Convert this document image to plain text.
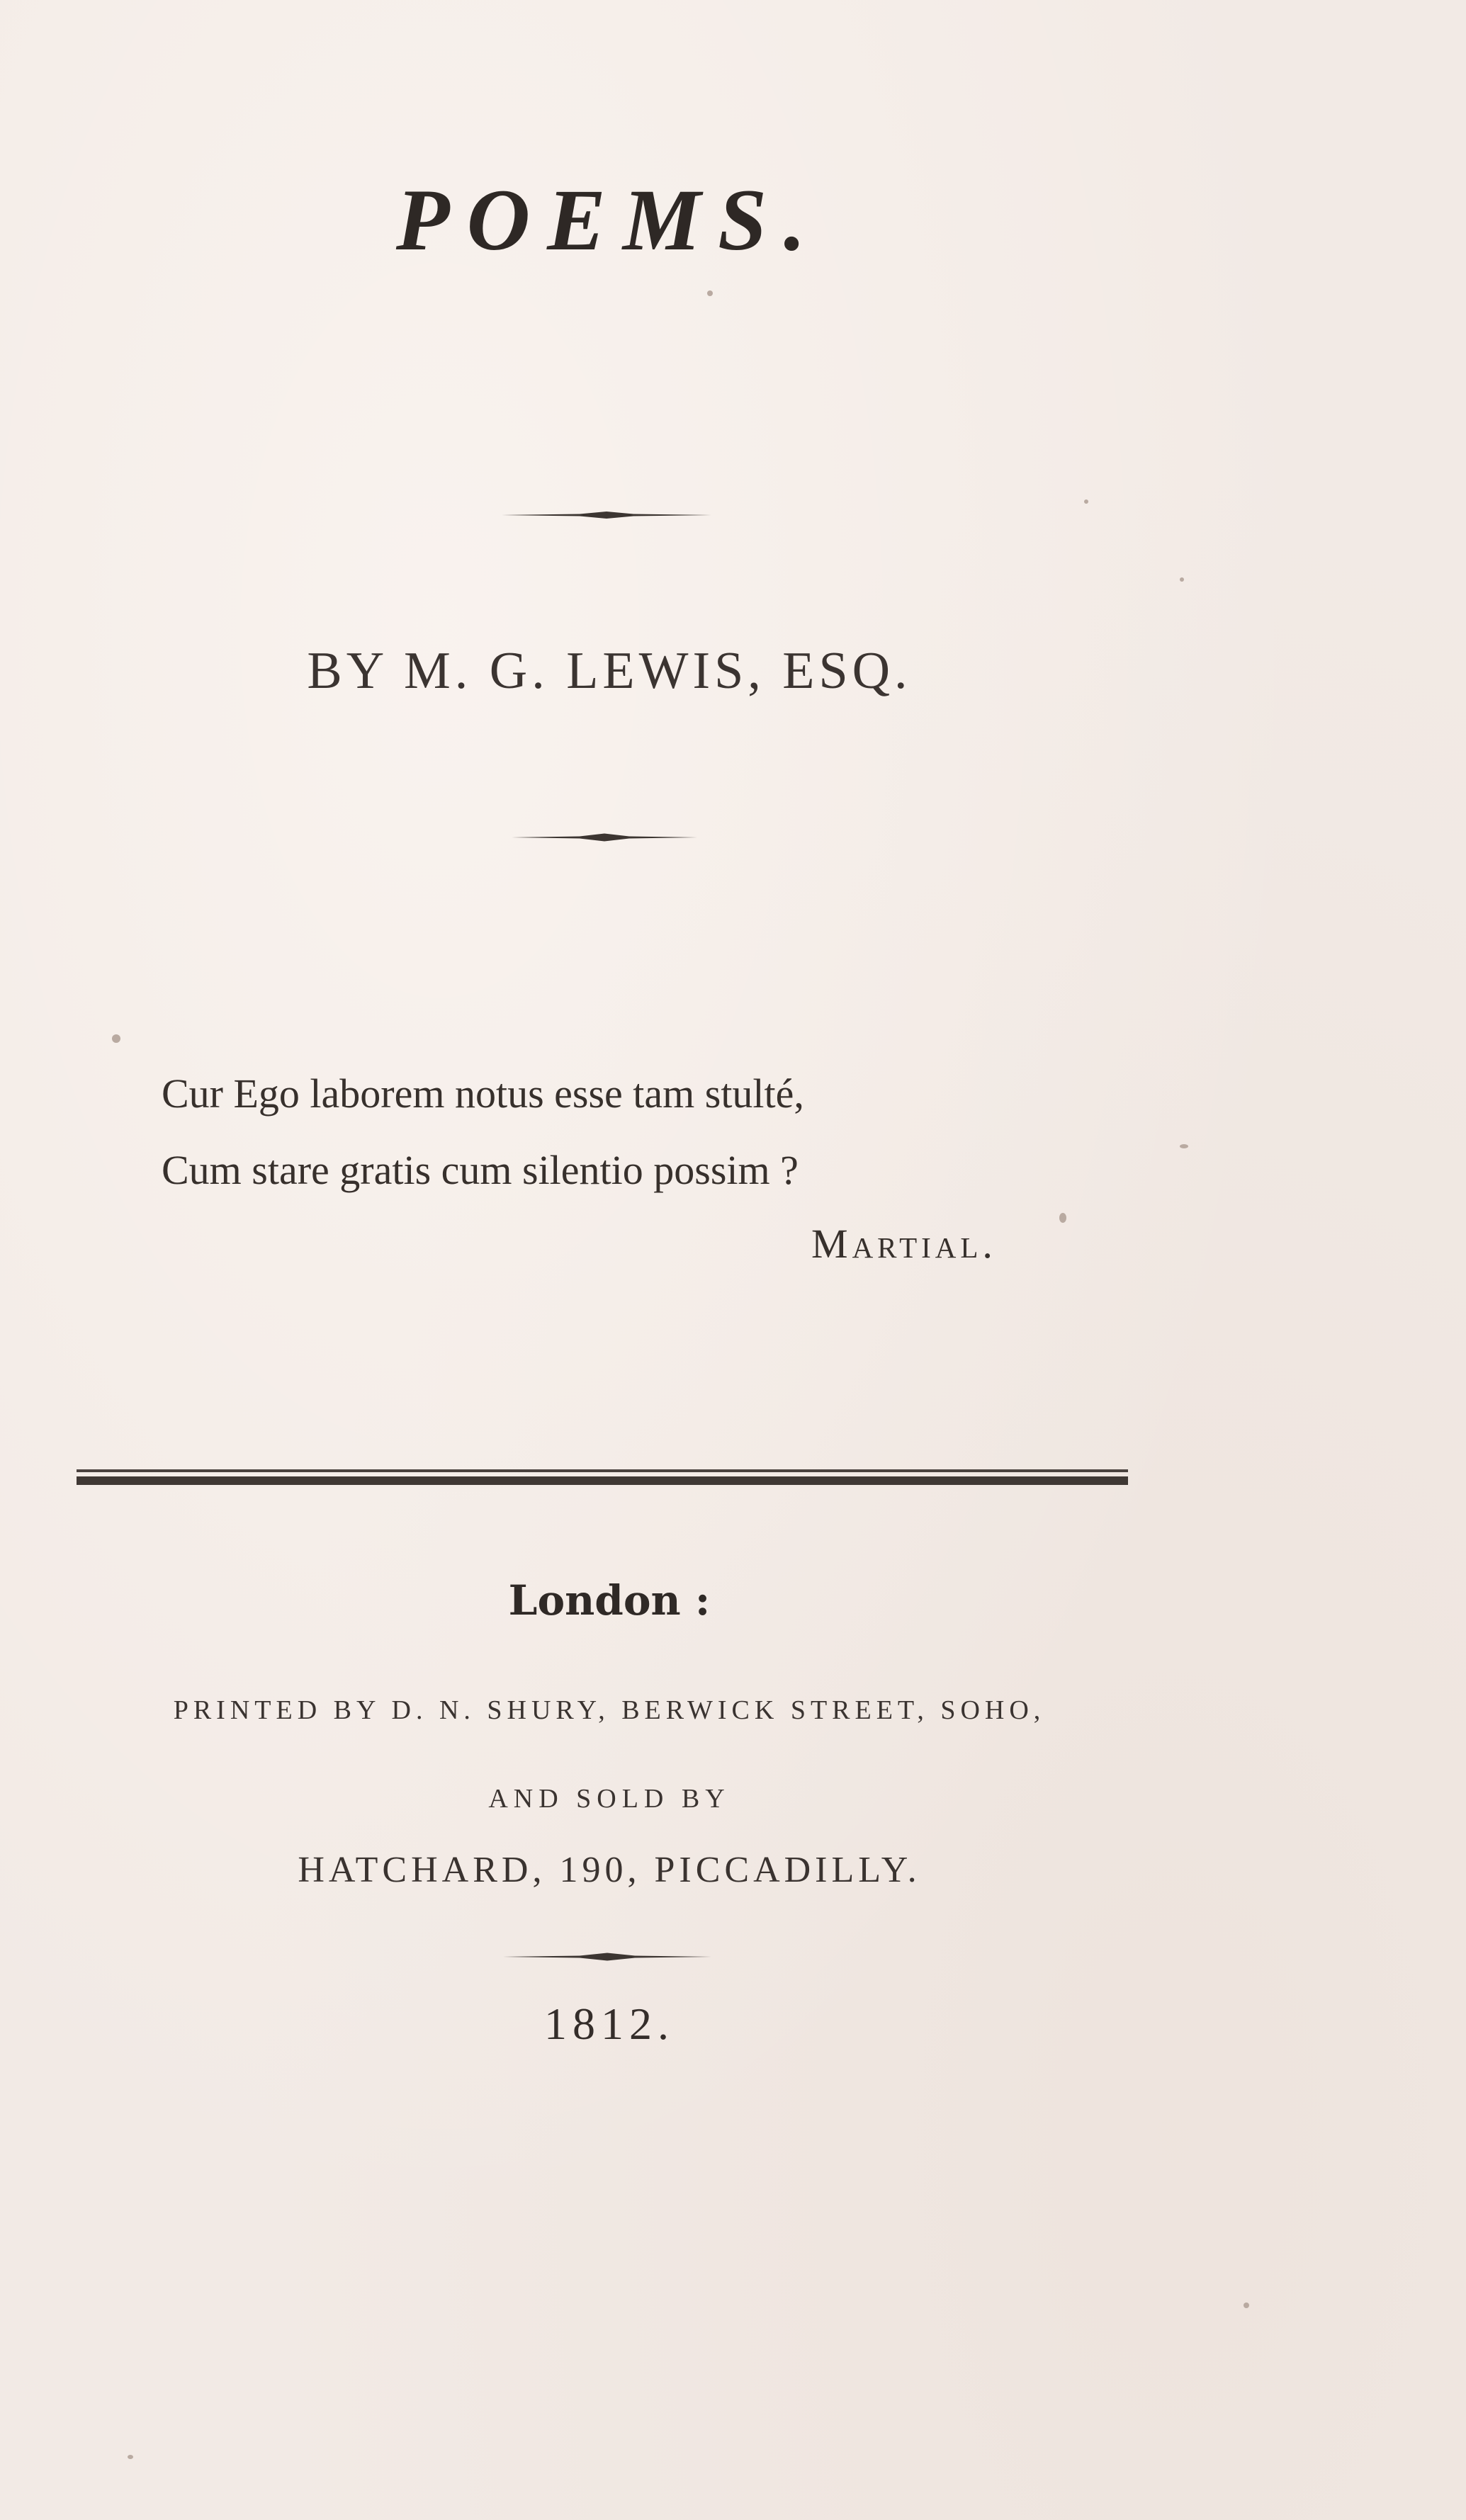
POEMS.
BY M. G. LEWIS, ESQ.
Cur Ego laborem notus esse tam stulté,
Cum stare gratis cum silentio possim ?
Martial.
London :
PRINTED BY D. N. SHURY, BERWICK STREET, SOHO,
AND SOLD BY
HATCHARD, 190, PICCADILLY.
1812.
